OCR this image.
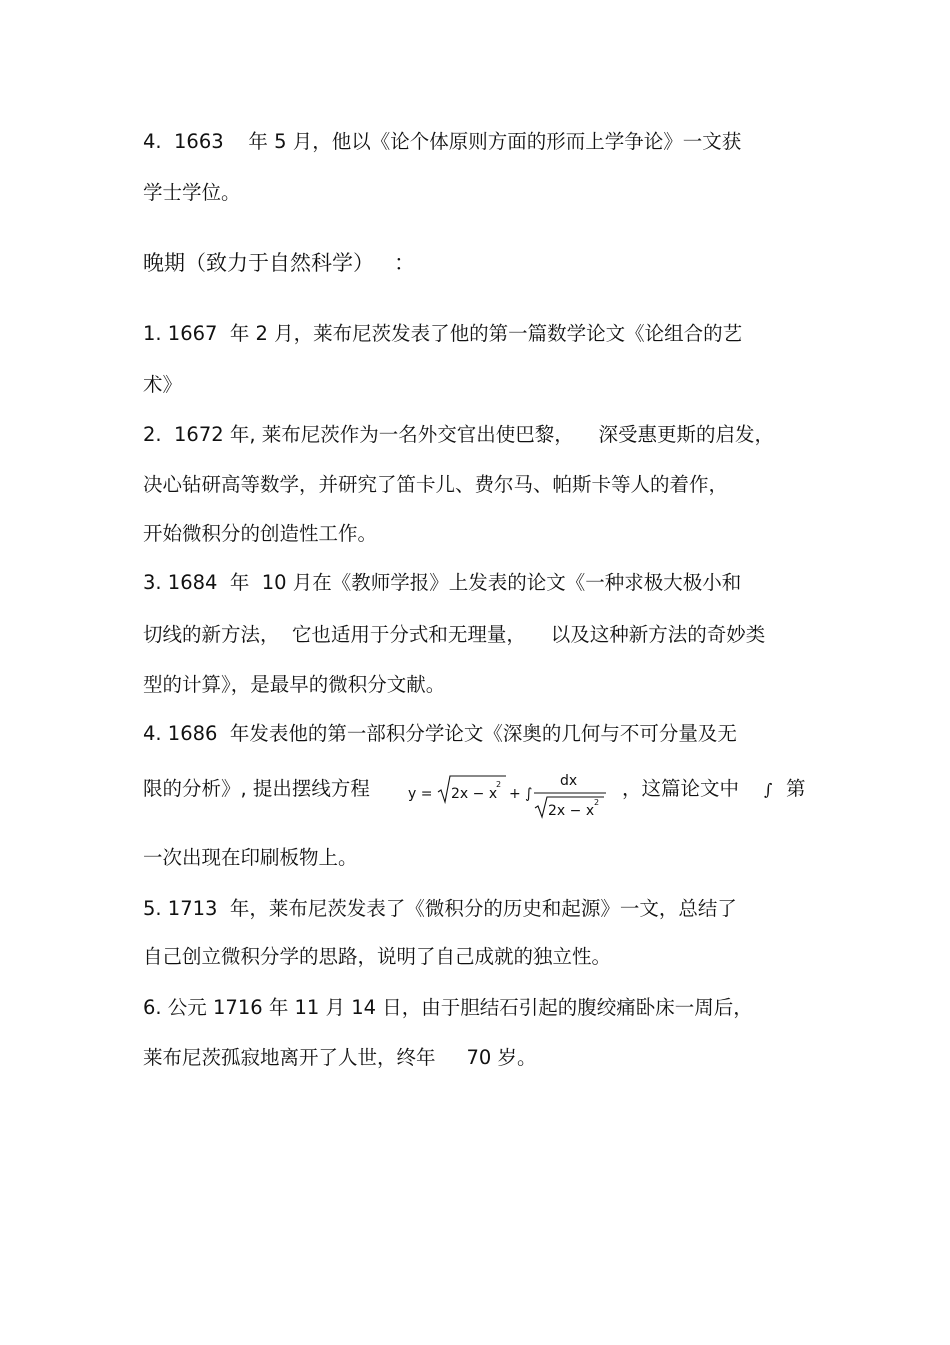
4.  1663    年 5 月，他以《论个体原则方面的形而上学争论》一文获
学士学位。
晚期（致力于自然科学）   ：
1. 1667  年 2 月，莱布尼茨发表了他的第一篇数学论文《论组合的艺
术》
2.  1672 年, 莱布尼茨作为一名外交官出使巴黎，    深受惠更斯的启发，
决心钻研高等数学，并研究了笛卡儿、费尔马、帕斯卡等人的着作，
开始微积分的创造性工作。
3. 1684  年  10 月在《教师学报》上发表的论文《一种求极大极小和
切线的新方法，  它也适用于分式和无理量，    以及这种新方法的奇妙类
型的计算》，是最早的微积分文献。
4. 1686  年发表他的第一部积分学论文《深奥的几何与不可分量及无
限的分析》, 提出摆线方程	y = 2x − x
2
+ ∫
dx
2x − x
2
，这篇论文中 ∫ 第
一次出现在印刷板物上。
5. 1713  年，莱布尼茨发表了《微积分的历史和起源》一文，总结了
自己创立微积分学的思路，说明了自己成就的独立性。
6. 公元 1716 年 11 月 14 日，由于胆结石引起的腹绞痛卧床一周后，
莱布尼茨孤寂地离开了人世，终年     70 岁。
